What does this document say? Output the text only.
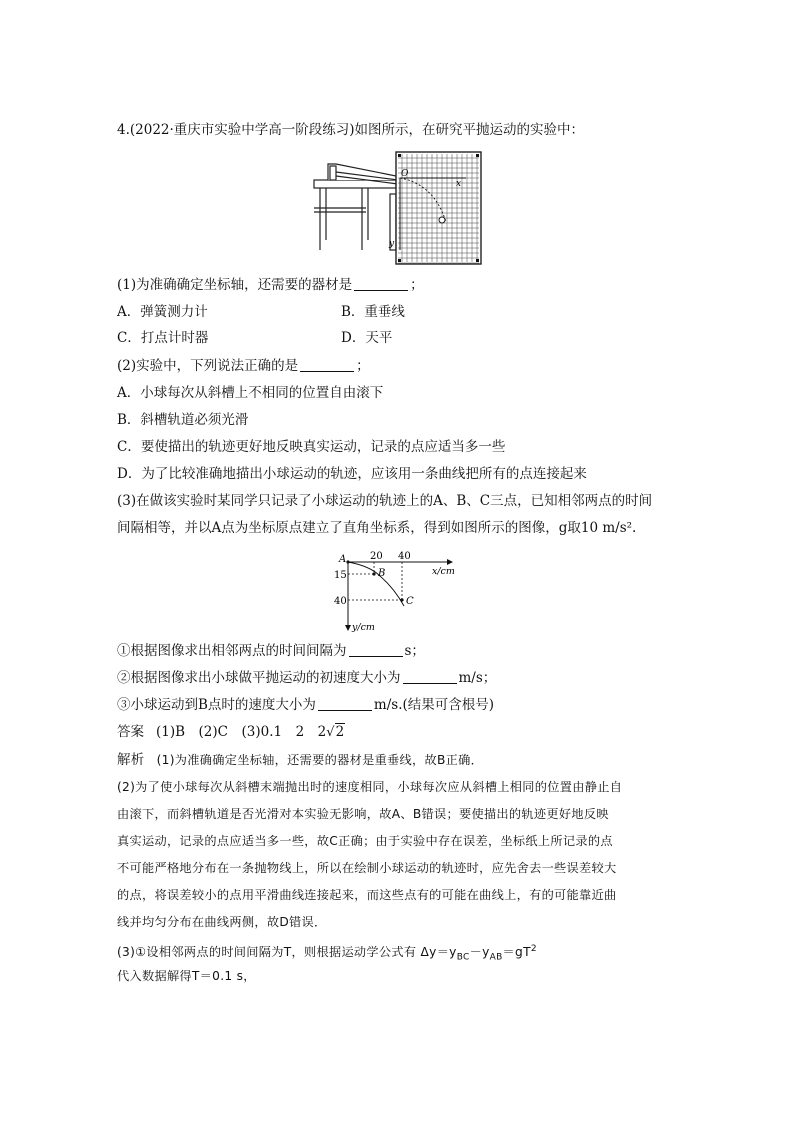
4.(2022·重庆市实验中学高一阶段练习)如图所示，在研究平抛运动的实验中：
O
x
y
(1)为准确确定坐标轴，还需要的器材是	；
A．弹簧测力计	B．重垂线
C．打点计时器	D．天平
(2)实验中，下列说法正确的是	；
A．小球每次从斜槽上不相同的位置自由滚下
B．斜槽轨道必须光滑
C．要使描出的轨迹更好地反映真实运动，记录的点应适当多一些
D．为了比较准确地描出小球运动的轨迹，应该用一条曲线把所有的点连接起来
(3)在做该实验时某同学只记录了小球运动的轨迹上的A、B、C三点，已知相邻两点的时间
间隔相等，并以A点为坐标原点建立了直角坐标系，得到如图所示的图像，g取10 m/s².
20 40
x/cm
15
40
y/cm
A
B
C
①根据图像求出相邻两点的时间间隔为	s；
②根据图像求出小球做平抛运动的初速度大小为	m/s；
③小球运动到B点时的速度大小为	m/s.(结果可含根号)
答案 (1)B　(2)C　(3)0.1　2　2√2
解析 (1)为准确确定坐标轴，还需要的器材是重垂线，故B正确．
(2)为了使小球每次从斜槽末端抛出时的速度相同，小球每次应从斜槽上相同的位置由静止自
由滚下，而斜槽轨道是否光滑对本实验无影响，故A、B错误；要使描出的轨迹更好地反映
真实运动，记录的点应适当多一些，故C正确；由于实验中存在误差，坐标纸上所记录的点
不可能严格地分布在一条抛物线上，所以在绘制小球运动的轨迹时，应先舍去一些误差较大
的点，将误差较小的点用平滑曲线连接起来，而这些点有的可能在曲线上，有的可能靠近曲
线并均匀分布在曲线两侧，故D错误．
(3)①设相邻两点的时间间隔为T，则根据运动学公式有 $\Delta y=y_{BC}-y_{AB}=gT^2$
代入数据解得T＝0.1 s，
